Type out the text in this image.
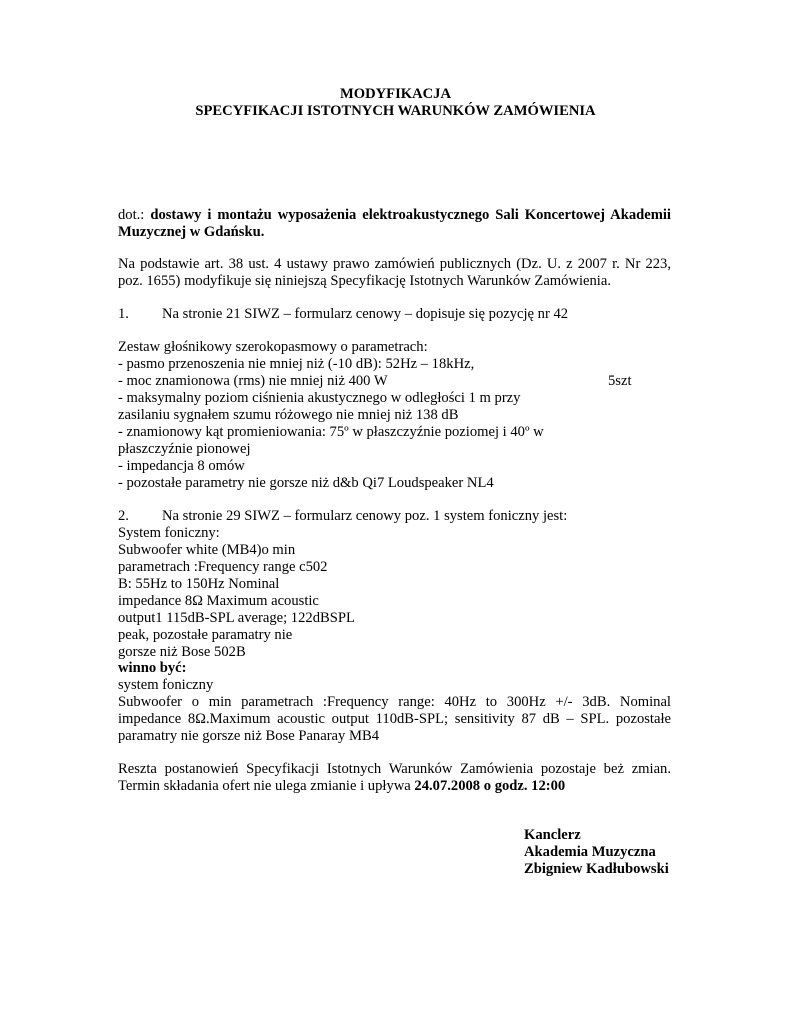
MODYFIKACJA
SPECYFIKACJI ISTOTNYCH WARUNKÓW ZAMÓWIENIA
dot.: dostawy i montażu wyposażenia elektroakustycznego Sali Koncertowej Akademii
Muzycznej w Gdańsku.
Na podstawie art. 38 ust. 4 ustawy prawo zamówień publicznych (Dz. U. z 2007 r. Nr 223,
poz. 1655) modyfikuje się niniejszą Specyfikację Istotnych Warunków Zamówienia.
1. Na stronie 21 SIWZ – formularz cenowy – dopisuje się pozycję nr 42
Zestaw głośnikowy szerokopasmowy o parametrach:
- pasmo przenoszenia nie mniej niż (-10 dB): 52Hz – 18kHz,
- moc znamionowa (rms) nie mniej niż 400 W	5szt
- maksymalny poziom ciśnienia akustycznego w odległości 1 m przy
zasilaniu sygnałem szumu różowego nie mniej niż 138 dB
- znamionowy kąt promieniowania: 75º w płaszczyźnie poziomej i 40º w
płaszczyźnie pionowej
- impedancja 8 omów
- pozostałe parametry nie gorsze niż d&b Qi7 Loudspeaker NL4
2. Na stronie 29 SIWZ – formularz cenowy poz. 1 system foniczny jest:
System foniczny:
Subwoofer white (MB4)o min
parametrach :Frequency range c502
B: 55Hz to 150Hz Nominal
impedance 8Ω Maximum acoustic
output1 115dB-SPL average; 122dBSPL
peak, pozostałe paramatry nie
gorsze niż Bose 502B
winno być:
system foniczny
Subwoofer o min parametrach :Frequency range: 40Hz to 300Hz +/- 3dB. Nominal
impedance 8Ω.Maximum acoustic output 110dB-SPL; sensitivity 87 dB – SPL. pozostałe
paramatry nie gorsze niż Bose Panaray MB4
Reszta postanowień Specyfikacji Istotnych Warunków Zamówienia pozostaje beż zmian.
Termin składania ofert nie ulega zmianie i upływa 24.07.2008 o godz. 12:00
Kanclerz
Akademia Muzyczna
Zbigniew Kadłubowski
